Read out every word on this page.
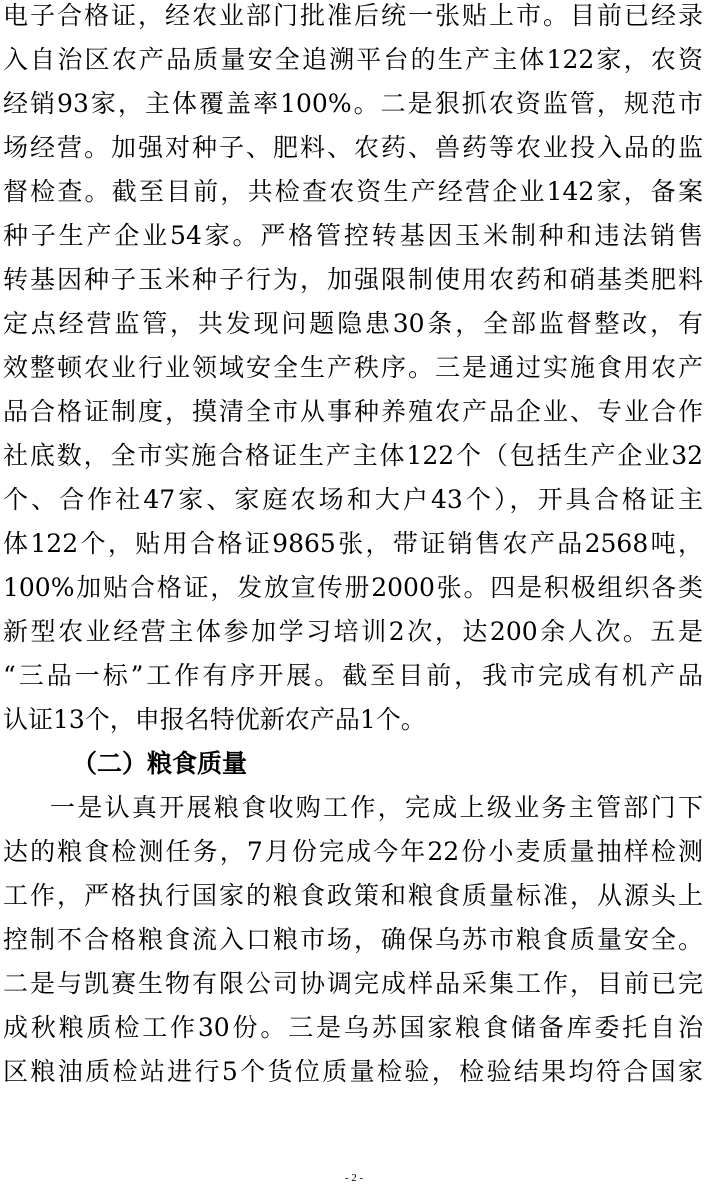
电子合格证，经农业部门批准后统一张贴上市。目前已经录
入自治区农产品质量安全追溯平台的生产主体122家，农资
经销93家，主体覆盖率100%。二是狠抓农资监管，规范市
场经营。加强对种子、肥料、农药、兽药等农业投入品的监
督检查。截至目前，共检查农资生产经营企业142家，备案
种子生产企业54家。严格管控转基因玉米制种和违法销售
转基因种子玉米种子行为，加强限制使用农药和硝基类肥料
定点经营监管，共发现问题隐患30条，全部监督整改，有
效整顿农业行业领域安全生产秩序。三是通过实施食用农产
品合格证制度，摸清全市从事种养殖农产品企业、专业合作
社底数，全市实施合格证生产主体122个（包括生产企业32
个、合作社47家、家庭农场和大户43个），开具合格证主
体122个，贴用合格证9865张，带证销售农产品2568吨，
100%加贴合格证，发放宣传册2000张。四是积极组织各类
新型农业经营主体参加学习培训2次，达200余人次。五是
“三品一标”工作有序开展。截至目前，我市完成有机产品
认证13个，申报名特优新农产品1个。
（二）粮食质量
一是认真开展粮食收购工作，完成上级业务主管部门下
达的粮食检测任务，7月份完成今年22份小麦质量抽样检测
工作，严格执行国家的粮食政策和粮食质量标准，从源头上
控制不合格粮食流入口粮市场，确保乌苏市粮食质量安全。
二是与凯赛生物有限公司协调完成样品采集工作，目前已完
成秋粮质检工作30份。三是乌苏国家粮食储备库委托自治
区粮油质检站进行5个货位质量检验，检验结果均符合国家
- 2 -
